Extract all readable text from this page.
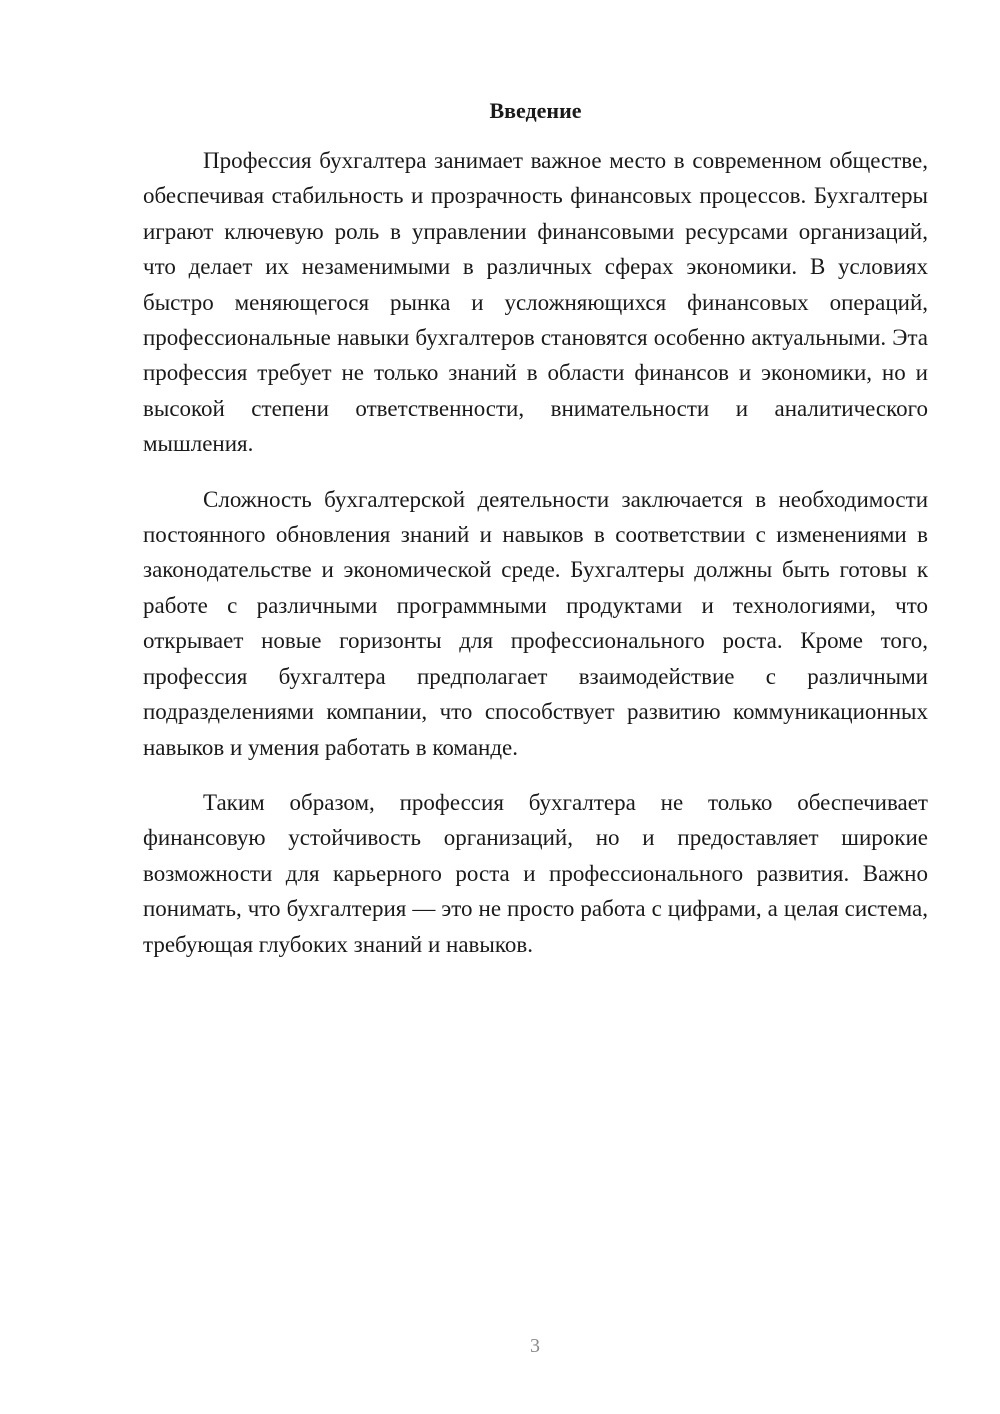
Введение

Профессия бухгалтера занимает важное место в современном обществе, обеспечивая стабильность и прозрачность финансовых процессов. Бухгалтеры играют ключевую роль в управлении финансовыми ресурсами организаций, что делает их незаменимыми в различных сферах экономики. В условиях быстро меняющегося рынка и усложняющихся финансовых операций, профессиональные навыки бухгалтеров становятся особенно актуальными. Эта профессия требует не только знаний в области финансов и экономики, но и высокой степени ответственности, внимательности и аналитического мышления.

Сложность бухгалтерской деятельности заключается в необходимости постоянного обновления знаний и навыков в соответствии с изменениями в законодательстве и экономической среде. Бухгалтеры должны быть готовы к работе с различными программными продуктами и технологиями, что открывает новые горизонты для профессионального роста. Кроме того, профессия бухгалтера предполагает взаимодействие с различными подразделениями компании, что способствует развитию коммуникационных навыков и умения работать в команде.

Таким образом, профессия бухгалтера не только обеспечивает финансовую устойчивость организаций, но и предоставляет широкие возможности для карьерного роста и профессионального развития. Важно понимать, что бухгалтерия — это не просто работа с цифрами, а целая система, требующая глубоких знаний и навыков.

3
